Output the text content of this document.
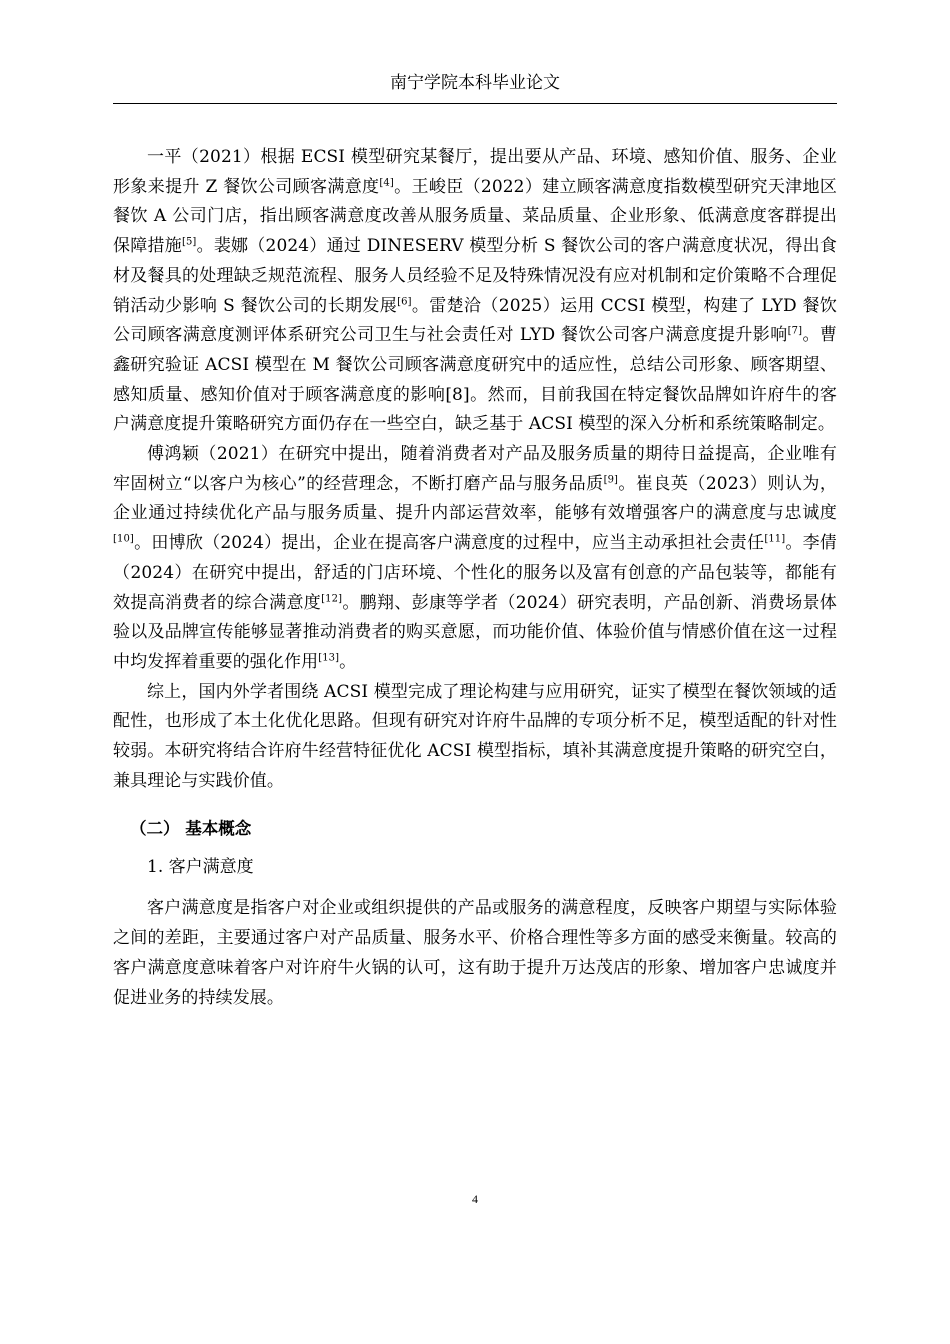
南宁学院本科毕业论文

一平（2021）根据 ECSI 模型研究某餐厅，提出要从产品、环境、感知价值、服务、企业形象来提升 Z 餐饮公司顾客满意度[4]。王峻臣（2022）建立顾客满意度指数模型研究天津地区餐饮 A 公司门店，指出顾客满意度改善从服务质量、菜品质量、企业形象、低满意度客群提出保障措施[5]。裴娜（2024）通过 DINESERV 模型分析 S 餐饮公司的客户满意度状况，得出食材及餐具的处理缺乏规范流程、服务人员经验不足及特殊情况没有应对机制和定价策略不合理促销活动少影响 S 餐饮公司的长期发展[6]。雷楚洽（2025）运用 CCSI 模型，构建了 LYD 餐饮公司顾客满意度测评体系研究公司卫生与社会责任对 LYD 餐饮公司客户满意度提升影响[7]。曹鑫研究验证 ACSI 模型在 M 餐饮公司顾客满意度研究中的适应性，总结公司形象、顾客期望、感知质量、感知价值对于顾客满意度的影响[8]。然而，目前我国在特定餐饮品牌如许府牛的客户满意度提升策略研究方面仍存在一些空白，缺乏基于 ACSI 模型的深入分析和系统策略制定。

傅鸿颖（2021）在研究中提出，随着消费者对产品及服务质量的期待日益提高，企业唯有牢固树立“以客户为核心”的经营理念，不断打磨产品与服务品质[9]。崔良英（2023）则认为，企业通过持续优化产品与服务质量、提升内部运营效率，能够有效增强客户的满意度与忠诚度[10]。田博欣（2024）提出，企业在提高客户满意度的过程中，应当主动承担社会责任[11]。李倩（2024）在研究中提出，舒适的门店环境、个性化的服务以及富有创意的产品包装等，都能有效提高消费者的综合满意度[12]。鹏翔、彭康等学者（2024）研究表明，产品创新、消费场景体验以及品牌宣传能够显著推动消费者的购买意愿，而功能价值、体验价值与情感价值在这一过程中均发挥着重要的强化作用[13]。

综上，国内外学者围绕 ACSI 模型完成了理论构建与应用研究，证实了模型在餐饮领域的适配性，也形成了本土化优化思路。但现有研究对许府牛品牌的专项分析不足，模型适配的针对性较弱。本研究将结合许府牛经营特征优化 ACSI 模型指标，填补其满意度提升策略的研究空白，兼具理论与实践价值。

（二） 基本概念
1. 客户满意度

客户满意度是指客户对企业或组织提供的产品或服务的满意程度，反映客户期望与实际体验之间的差距，主要通过客户对产品质量、服务水平、价格合理性等多方面的感受来衡量。较高的客户满意度意味着客户对许府牛火锅的认可，这有助于提升万达茂店的形象、增加客户忠诚度并促进业务的持续发展。

4
